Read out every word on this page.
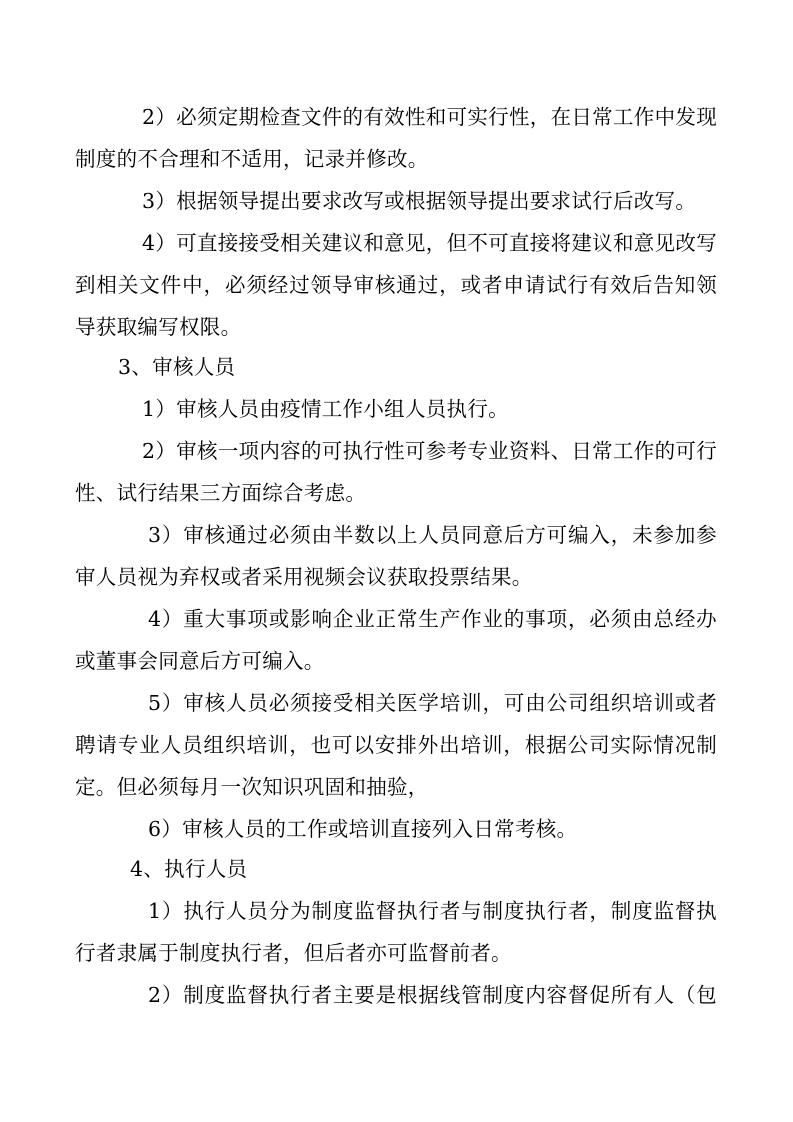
2）必须定期检查文件的有效性和可实行性，在日常工作中发现
制度的不合理和不适用，记录并修改。
3）根据领导提出要求改写或根据领导提出要求试行后改写。
4）可直接接受相关建议和意见，但不可直接将建议和意见改写
到相关文件中，必须经过领导审核通过，或者申请试行有效后告知领
导获取编写权限。
3、审核人员
1）审核人员由疫情工作小组人员执行。
2）审核一项内容的可执行性可参考专业资料、日常工作的可行
性、试行结果三方面综合考虑。
3）审核通过必须由半数以上人员同意后方可编入，未参加参
审人员视为弃权或者采用视频会议获取投票结果。
4）重大事项或影响企业正常生产作业的事项，必须由总经办
或董事会同意后方可编入。
5）审核人员必须接受相关医学培训，可由公司组织培训或者
聘请专业人员组织培训，也可以安排外出培训，根据公司实际情况制
定。但必须每月一次知识巩固和抽验，
6）审核人员的工作或培训直接列入日常考核。
4、执行人员
1）执行人员分为制度监督执行者与制度执行者，制度监督执
行者隶属于制度执行者，但后者亦可监督前者。
2）制度监督执行者主要是根据线管制度内容督促所有人（包
